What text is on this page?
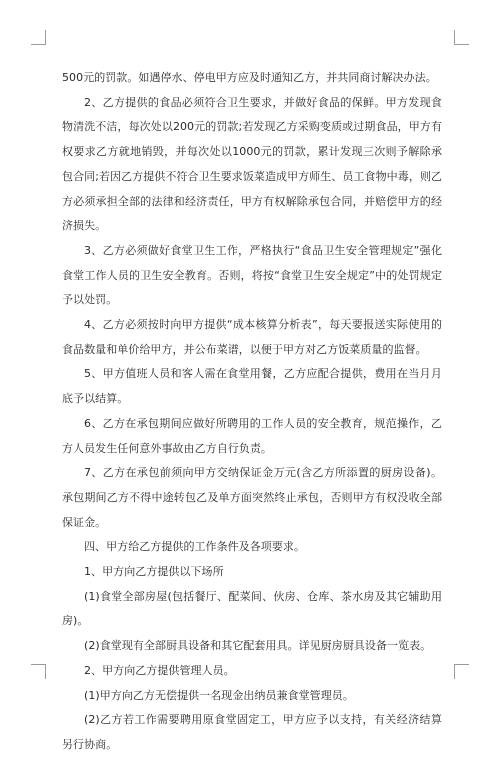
500元的罚款。如遇停水、停电甲方应及时通知乙方，并共同商讨解决办法。

2、乙方提供的食品必须符合卫生要求，并做好食品的保鲜。甲方发现食物清洗不洁，每次处以200元的罚款;若发现乙方采购变质或过期食品，甲方有权要求乙方就地销毁，并每次处以1000元的罚款，累计发现三次则予解除承包合同;若因乙方提供不符合卫生要求饭菜造成甲方师生、员工食物中毒，则乙方必须承担全部的法律和经济责任，甲方有权解除承包合同，并赔偿甲方的经济损失。

3、乙方必须做好食堂卫生工作，严格执行“食品卫生安全管理规定”强化食堂工作人员的卫生安全教育。否则，将按“食堂卫生安全规定”中的处罚规定予以处罚。

4、乙方必须按时向甲方提供“成本核算分析表”，每天要报送实际使用的食品数量和单价给甲方，并公布菜谱，以便于甲方对乙方饭菜质量的监督。

5、甲方值班人员和客人需在食堂用餐，乙方应配合提供，费用在当月月底予以结算。

6、乙方在承包期间应做好所聘用的工作人员的安全教育，规范操作，乙方人员发生任何意外事故由乙方自行负责。

7、乙方在承包前须向甲方交纳保证金万元(含乙方所添置的厨房设备)。承包期间乙方不得中途转包乙及单方面突然终止承包，否则甲方有权没收全部保证金。

四、甲方给乙方提供的工作条件及各项要求。

1、甲方向乙方提供以下场所

(1)食堂全部房屋(包括餐厅、配菜间、伙房、仓库、茶水房及其它辅助用房)。

(2)食堂现有全部厨具设备和其它配套用具。详见厨房厨具设备一览表。

2、甲方向乙方提供管理人员。

(1)甲方向乙方无偿提供一名现金出纳员兼食堂管理员。

(2)乙方若工作需要聘用原食堂固定工，甲方应予以支持，有关经济结算另行协商。
